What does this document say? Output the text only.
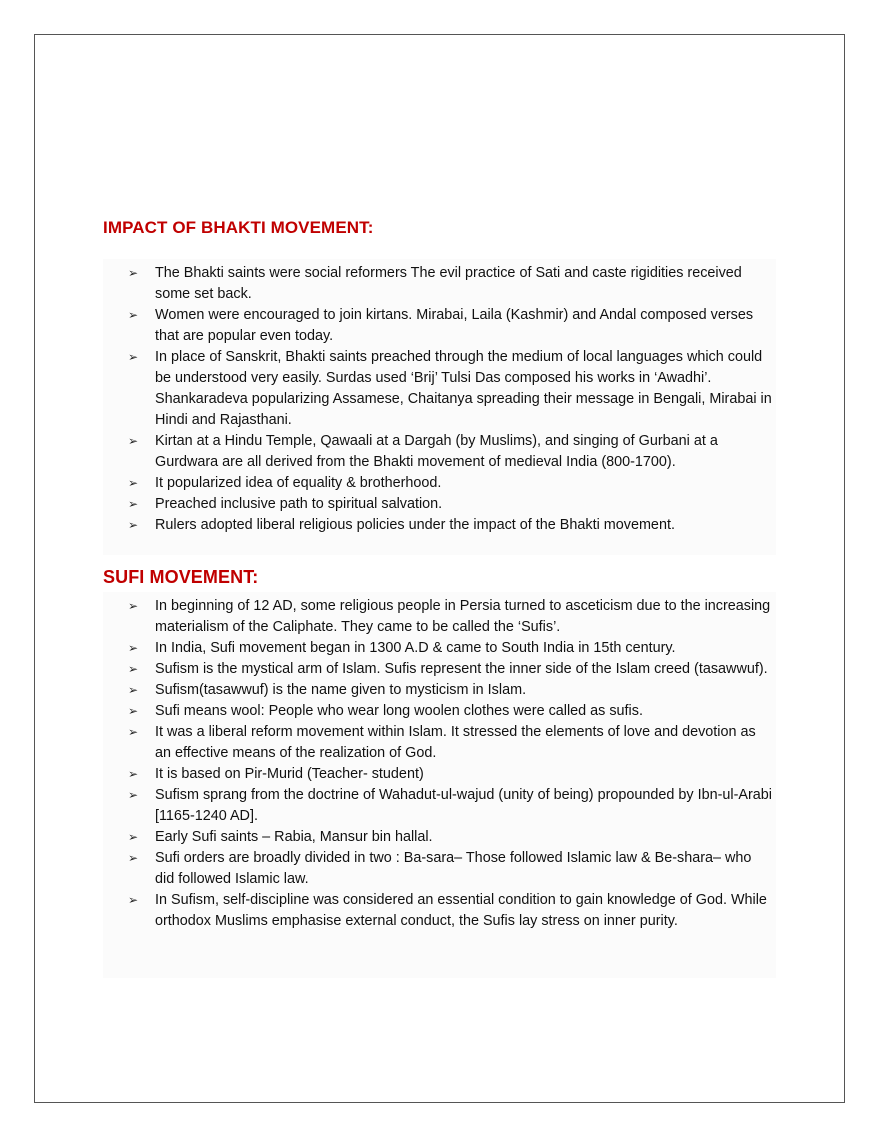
IMPACT OF BHAKTI MOVEMENT:
➢ The Bhakti saints were social reformers The evil practice of Sati and caste rigidities received some set back.
➢ Women were encouraged to join kirtans. Mirabai, Laila (Kashmir) and Andal composed verses that are popular even today.
➢ In place of Sanskrit, Bhakti saints preached through the medium of local languages which could be understood very easily. Surdas used ‘Brij’ Tulsi Das composed his works in ‘Awadhi’. Shankaradeva popularizing Assamese, Chaitanya spreading their message in Bengali, Mirabai in Hindi and Rajasthani.
➢ Kirtan at a Hindu Temple, Qawaali at a Dargah (by Muslims), and singing of Gurbani at a Gurdwara are all derived from the Bhakti movement of medieval India (800-1700).
➢ It popularized idea of equality & brotherhood.
➢ Preached inclusive path to spiritual salvation.
➢ Rulers adopted liberal religious policies under the impact of the Bhakti movement.
SUFI MOVEMENT:
➢ In beginning of 12 AD, some religious people in Persia turned to asceticism due to the increasing materialism of the Caliphate. They came to be called the ‘Sufis’.
➢ In India, Sufi movement began in 1300 A.D & came to South India in 15th century.
➢ Sufism is the mystical arm of Islam. Sufis represent the inner side of the Islam creed (tasawwuf).
➢ Sufism(tasawwuf) is the name given to mysticism in Islam.
➢ Sufi means wool: People who wear long woolen clothes were called as sufis.
➢ It was a liberal reform movement within Islam. It stressed the elements of love and devotion as an effective means of the realization of God.
➢ It is based on Pir-Murid (Teacher- student)
➢ Sufism sprang from the doctrine of Wahadut-ul-wajud (unity of being) propounded by Ibn-ul-Arabi [1165-1240 AD].
➢ Early Sufi saints – Rabia, Mansur bin hallal.
➢ Sufi orders are broadly divided in two : Ba-sara– Those followed Islamic law & Be-shara– who did followed Islamic law.
➢ In Sufism, self-discipline was considered an essential condition to gain knowledge of God. While orthodox Muslims emphasise external conduct, the Sufis lay stress on inner purity.
